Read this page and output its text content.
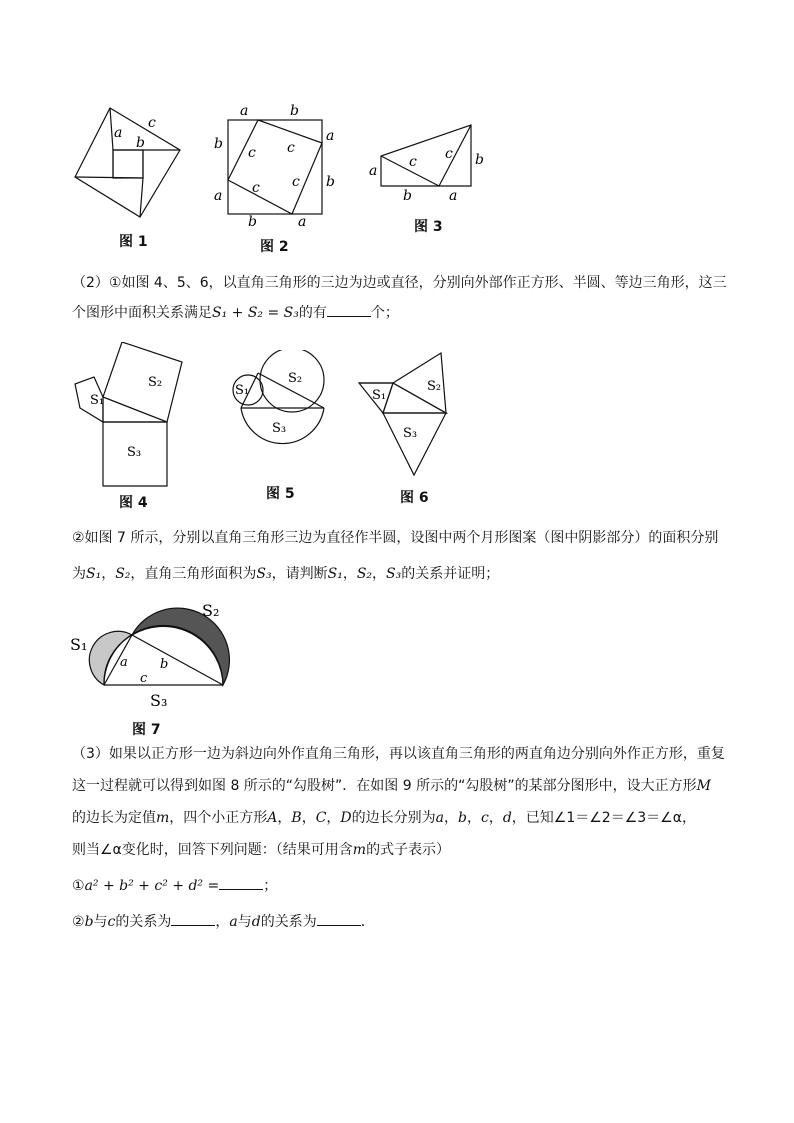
a
b
c
图 1
a	b
b
a
a
b
b	a
c c
c c
图 2
a
b	a
c c b
图 3
（2）①如图 4、5、6，以直角三角形的三边为边或直径，分别向外部作正方形、半圆、等边三角形，这三
个图形中面积关系满足S₁ + S₂ = S₃的有	个；
S₁
S₂
S₃
图 4
S₁
S₂
S₃
图 5
S₁
S₂
S₃
图 6
②如图 7 所示，分别以直角三角形三边为直径作半圆，设图中两个月形图案（图中阴影部分）的面积分别
为S₁，S₂，直角三角形面积为S₃，请判断S₁，S₂，S₃的关系并证明；
S₁
S₂
S₃
a b
c
图 7
（3）如果以正方形一边为斜边向外作直角三角形，再以该直角三角形的两直角边分别向外作正方形，重复
这一过程就可以得到如图 8 所示的“勾股树”．在如图 9 所示的“勾股树”的某部分图形中，设大正方形M
的边长为定值m，四个小正方形A，B，C，D的边长分别为a，b，c，d，已知∠1＝∠2＝∠3＝∠α，
则当∠α变化时，回答下列问题：（结果可用含m的式子表示）
①a² + b² + c² + d² =	；
②b与c的关系为	，a与d的关系为	．
